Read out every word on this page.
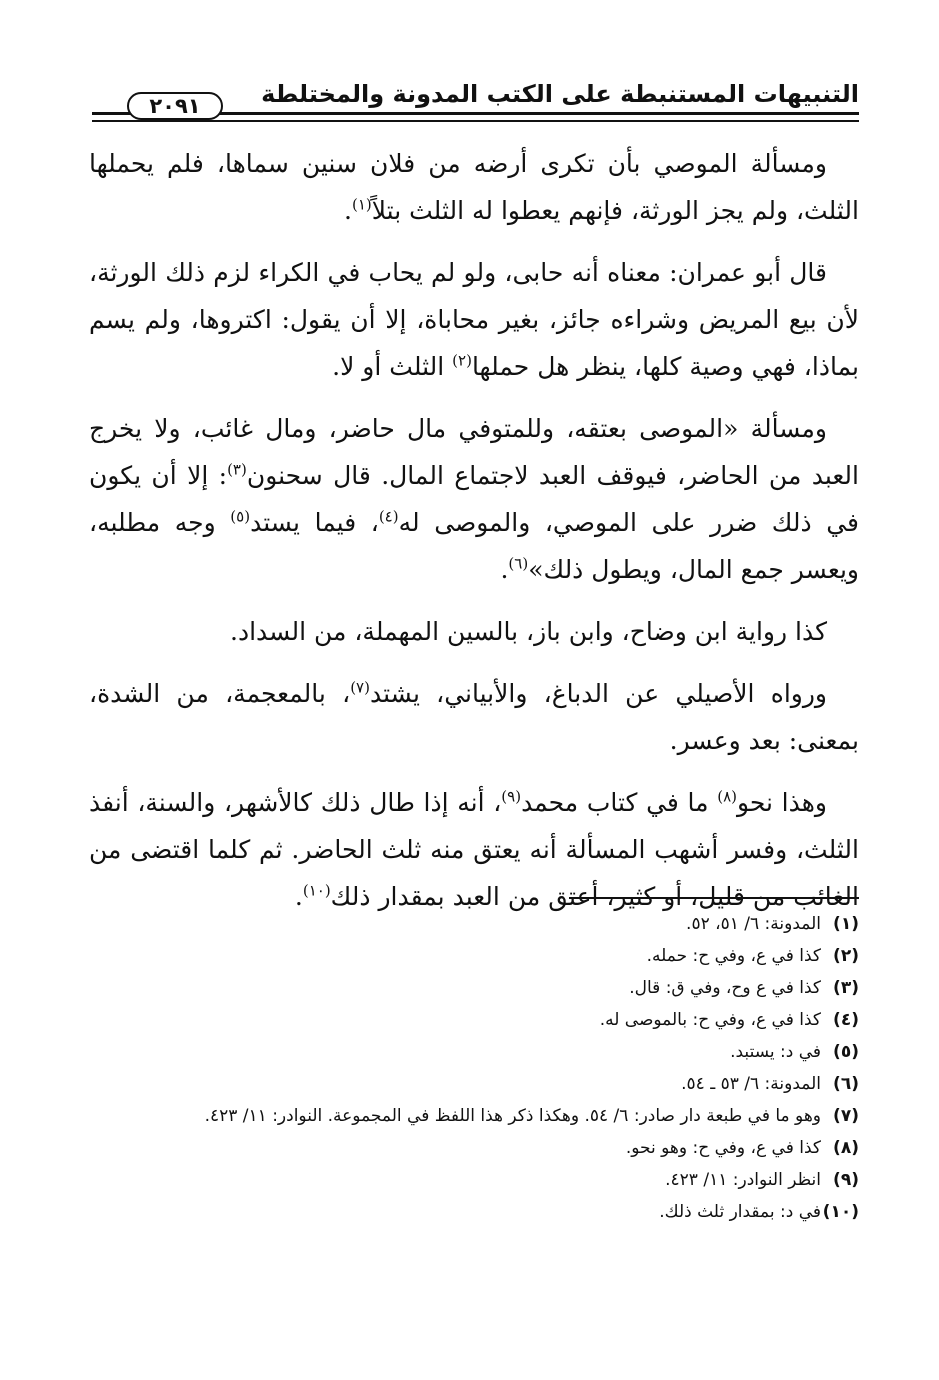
التنبيهات المستنبطة على الكتب المدونة والمختلطة
٢٠٩١

ومسألة الموصي بأن تكرى أرضه من فلان سنين سماها، فلم يحملها الثلث، ولم يجز الورثة، فإنهم يعطوا له الثلث بتلاً$^{(١)}$.

قال أبو عمران: معناه أنه حابى، ولو لم يحاب في الكراء لزم ذلك الورثة، لأن بيع المريض وشراءه جائز، بغير محاباة، إلا أن يقول: اكتروها، ولم يسم بماذا، فهي وصية كلها، ينظر هل حملها$^{(٢)}$ الثلث أو لا.

ومسألة «الموصى بعتقه، وللمتوفي مال حاضر، ومال غائب، ولا يخرج العبد من الحاضر، فيوقف العبد لاجتماع المال. قال سحنون$^{(٣)}$: إلا أن يكون في ذلك ضرر على الموصي، والموصى له$^{(٤)}$، فيما يستد$^{(٥)}$ وجه مطلبه، ويعسر جمع المال، ويطول ذلك»$^{(٦)}$.

كذا رواية ابن وضاح، وابن باز، بالسين المهملة، من السداد.

ورواه الأصيلي عن الدباغ، والأبياني، يشتد$^{(٧)}$، بالمعجمة، من الشدة، بمعنى: بعد وعسر.

وهذا نحو$^{(٨)}$ ما في كتاب محمد$^{(٩)}$، أنه إذا طال ذلك كالأشهر، والسنة، أنفذ الثلث، وفسر أشهب المسألة أنه يعتق منه ثلث الحاضر. ثم كلما اقتضى من الغائب من قليل، أو كثير، أعتق من العبد بمقدار ذلك$^{(١٠)}$.

(١)
المدونة: ٦/ ٥١، ٥٢.
(٢)
كذا في ع، وفي ح: حمله.
(٣)
كذا في ع وح، وفي ق: قال.
(٤)
كذا في ع، وفي ح: بالموصى له.
(٥)
في د: يستبد.
(٦)
المدونة: ٦/ ٥٣ ـ ٥٤.
(٧)
وهو ما في طبعة دار صادر: ٦/ ٥٤. وهكذا ذكر هذا اللفظ في المجموعة. النوادر: ١١/ ٤٢٣.
(٨)
كذا في ع، وفي ح: وهو نحو.
(٩)
انظر النوادر: ١١/ ٤٢٣.
(١٠)
في د: بمقدار ثلث ذلك.
